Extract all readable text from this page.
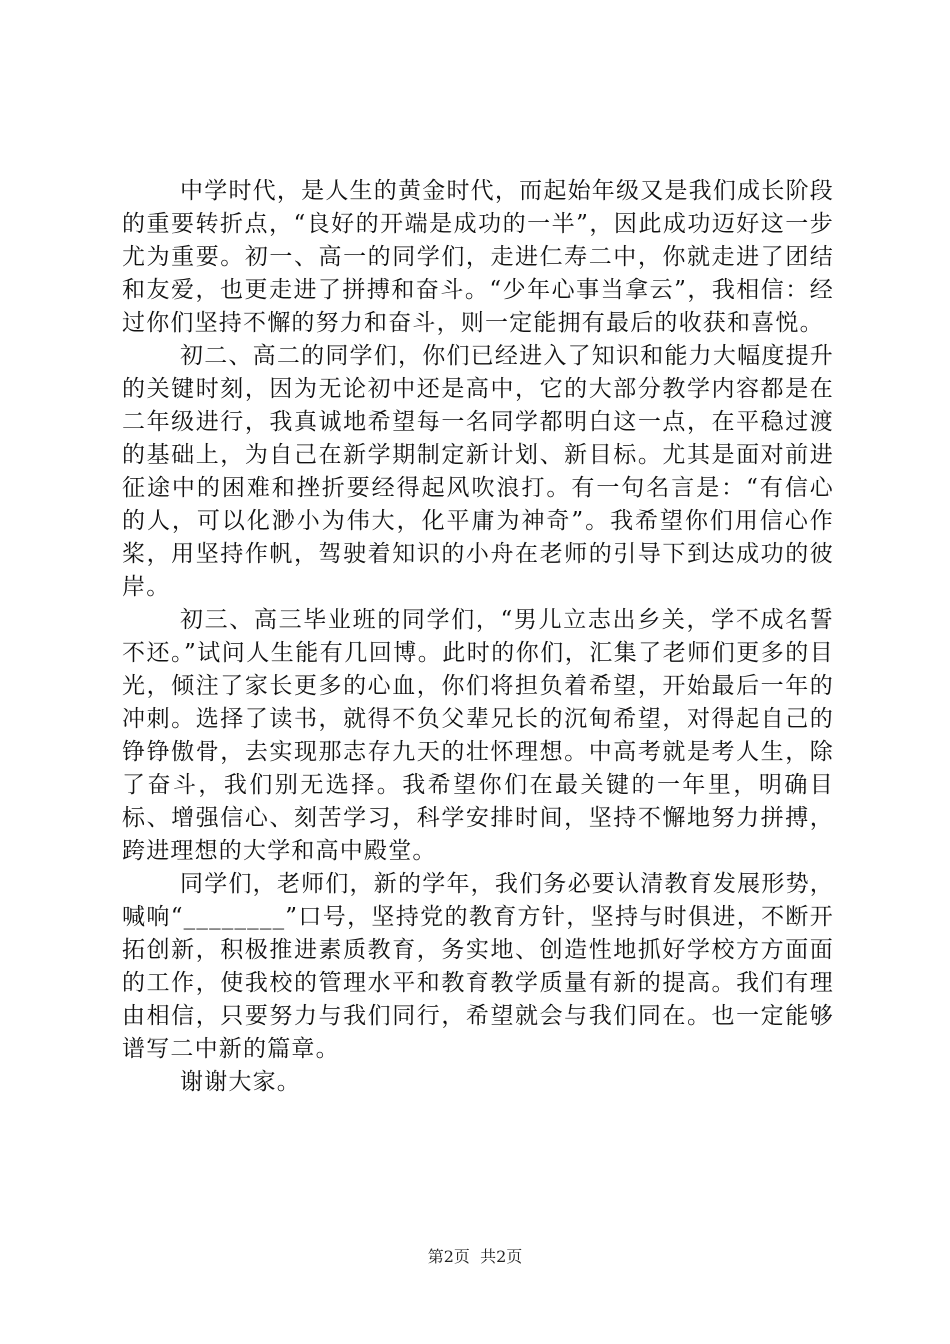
中学时代，是人生的黄金时代，而起始年级又是我们成长阶段的重要转折点，“良好的开端是成功的一半”，因此成功迈好这一步尤为重要。初一、高一的同学们，走进仁寿二中，你就走进了团结和友爱，也更走进了拼搏和奋斗。“少年心事当拿云”，我相信：经过你们坚持不懈的努力和奋斗，则一定能拥有最后的收获和喜悦。

初二、高二的同学们，你们已经进入了知识和能力大幅度提升的关键时刻，因为无论初中还是高中，它的大部分教学内容都是在二年级进行，我真诚地希望每一名同学都明白这一点，在平稳过渡的基础上，为自己在新学期制定新计划、新目标。尤其是面对前进征途中的困难和挫折要经得起风吹浪打。有一句名言是：“有信心的人，可以化渺小为伟大，化平庸为神奇”。我希望你们用信心作桨，用坚持作帆，驾驶着知识的小舟在老师的引导下到达成功的彼岸。

初三、高三毕业班的同学们，“男儿立志出乡关，学不成名誓不还。”试问人生能有几回博。此时的你们，汇集了老师们更多的目光，倾注了家长更多的心血，你们将担负着希望，开始最后一年的冲刺。选择了读书，就得不负父辈兄长的沉甸希望，对得起自己的铮铮傲骨，去实现那志存九天的壮怀理想。中高考就是考人生，除了奋斗，我们别无选择。我希望你们在最关键的一年里，明确目标、增强信心、刻苦学习，科学安排时间，坚持不懈地努力拼搏，跨进理想的大学和高中殿堂。

同学们，老师们，新的学年，我们务必要认清教育发展形势，喊响“________”口号，坚持党的教育方针，坚持与时俱进，不断开拓创新，积极推进素质教育，务实地、创造性地抓好学校方方面面的工作，使我校的管理水平和教育教学质量有新的提高。我们有理由相信，只要努力与我们同行，希望就会与我们同在。也一定能够谱写二中新的篇章。

谢谢大家。

第2页  共2页
